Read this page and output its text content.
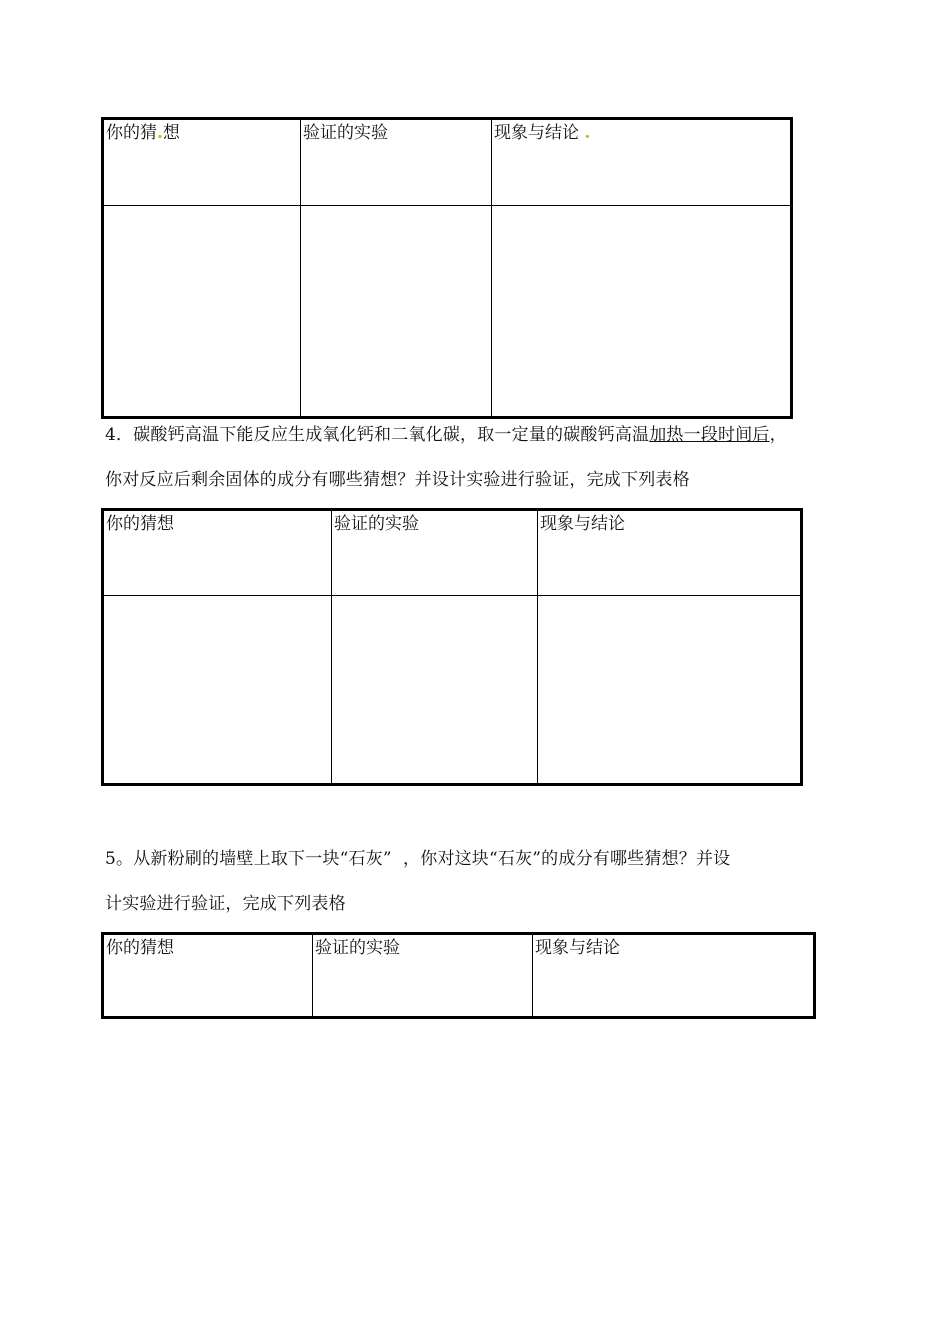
你的猜.想	验证的实验	现象与结论 .

4．碳酸钙高温下能反应生成氧化钙和二氧化碳，取一定量的碳酸钙高温加热一段时间后，
你对反应后剩余固体的成分有哪些猜想？并设计实验进行验证，完成下列表格
你的猜想	验证的实验	现象与结论

5。从新粉刷的墙壁上取下一块“石灰”  ，你对这块“石灰”的成分有哪些猜想？并设
计实验进行验证，完成下列表格
你的猜想	验证的实验	现象与结论
